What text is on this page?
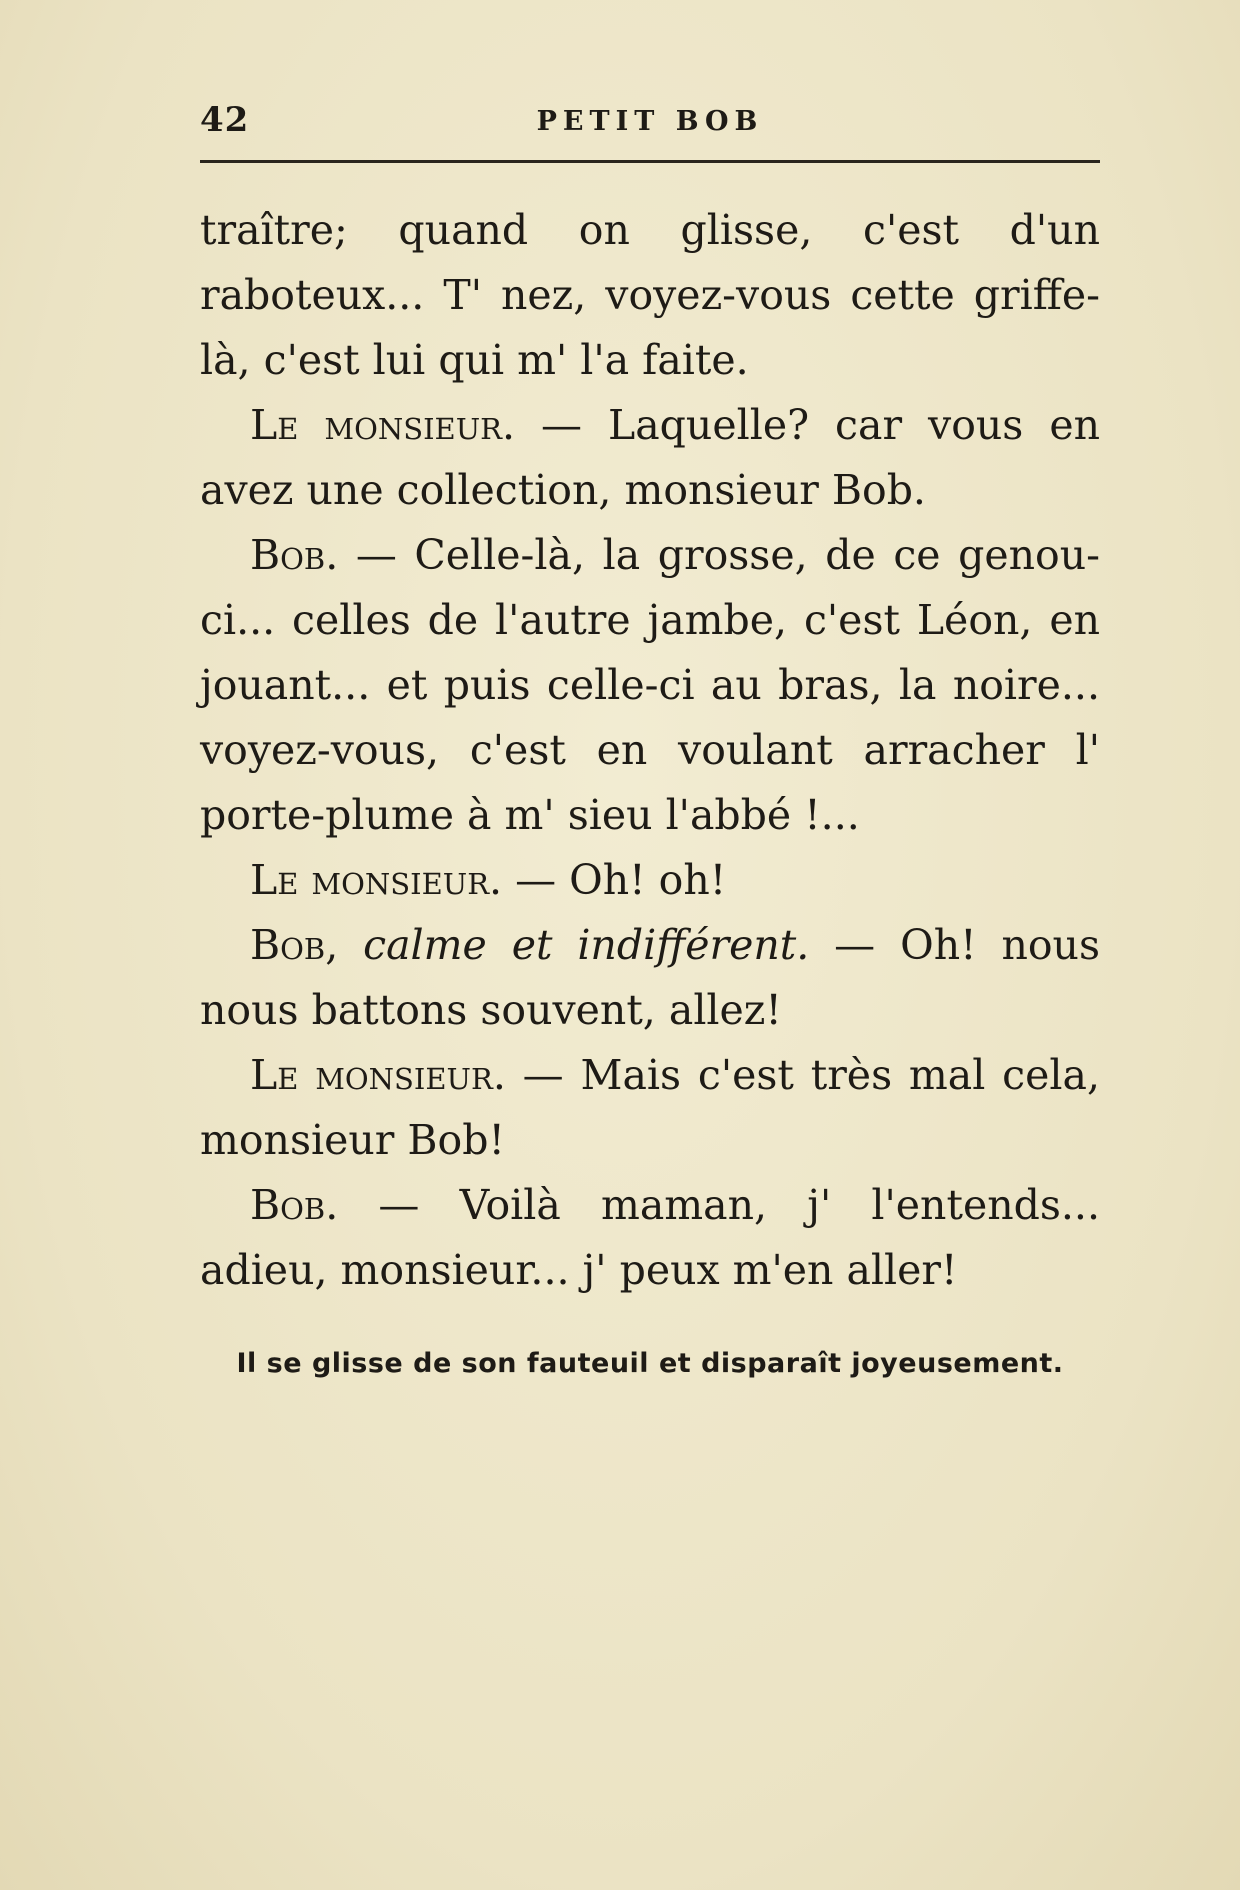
42	PETIT BOB

traître; quand on glisse, c'est d'un raboteux... T' nez, voyez-vous cette griffe-là, c'est lui qui m' l'a faite.

Le monsieur. — Laquelle? car vous en avez une collection, monsieur Bob.

Bob. — Celle-là, la grosse, de ce genou-ci... celles de l'autre jambe, c'est Léon, en jouant... et puis celle-ci au bras, la noire... voyez-vous, c'est en voulant arracher l' porte-plume à m' sieu l'abbé !...

Le monsieur. — Oh! oh!

Bob, calme et indifférent. — Oh! nous nous battons souvent, allez!

Le monsieur. — Mais c'est très mal cela, monsieur Bob!

Bob. — Voilà maman, j' l'entends... adieu, monsieur... j' peux m'en aller!

Il se glisse de son fauteuil et disparaît joyeusement.
